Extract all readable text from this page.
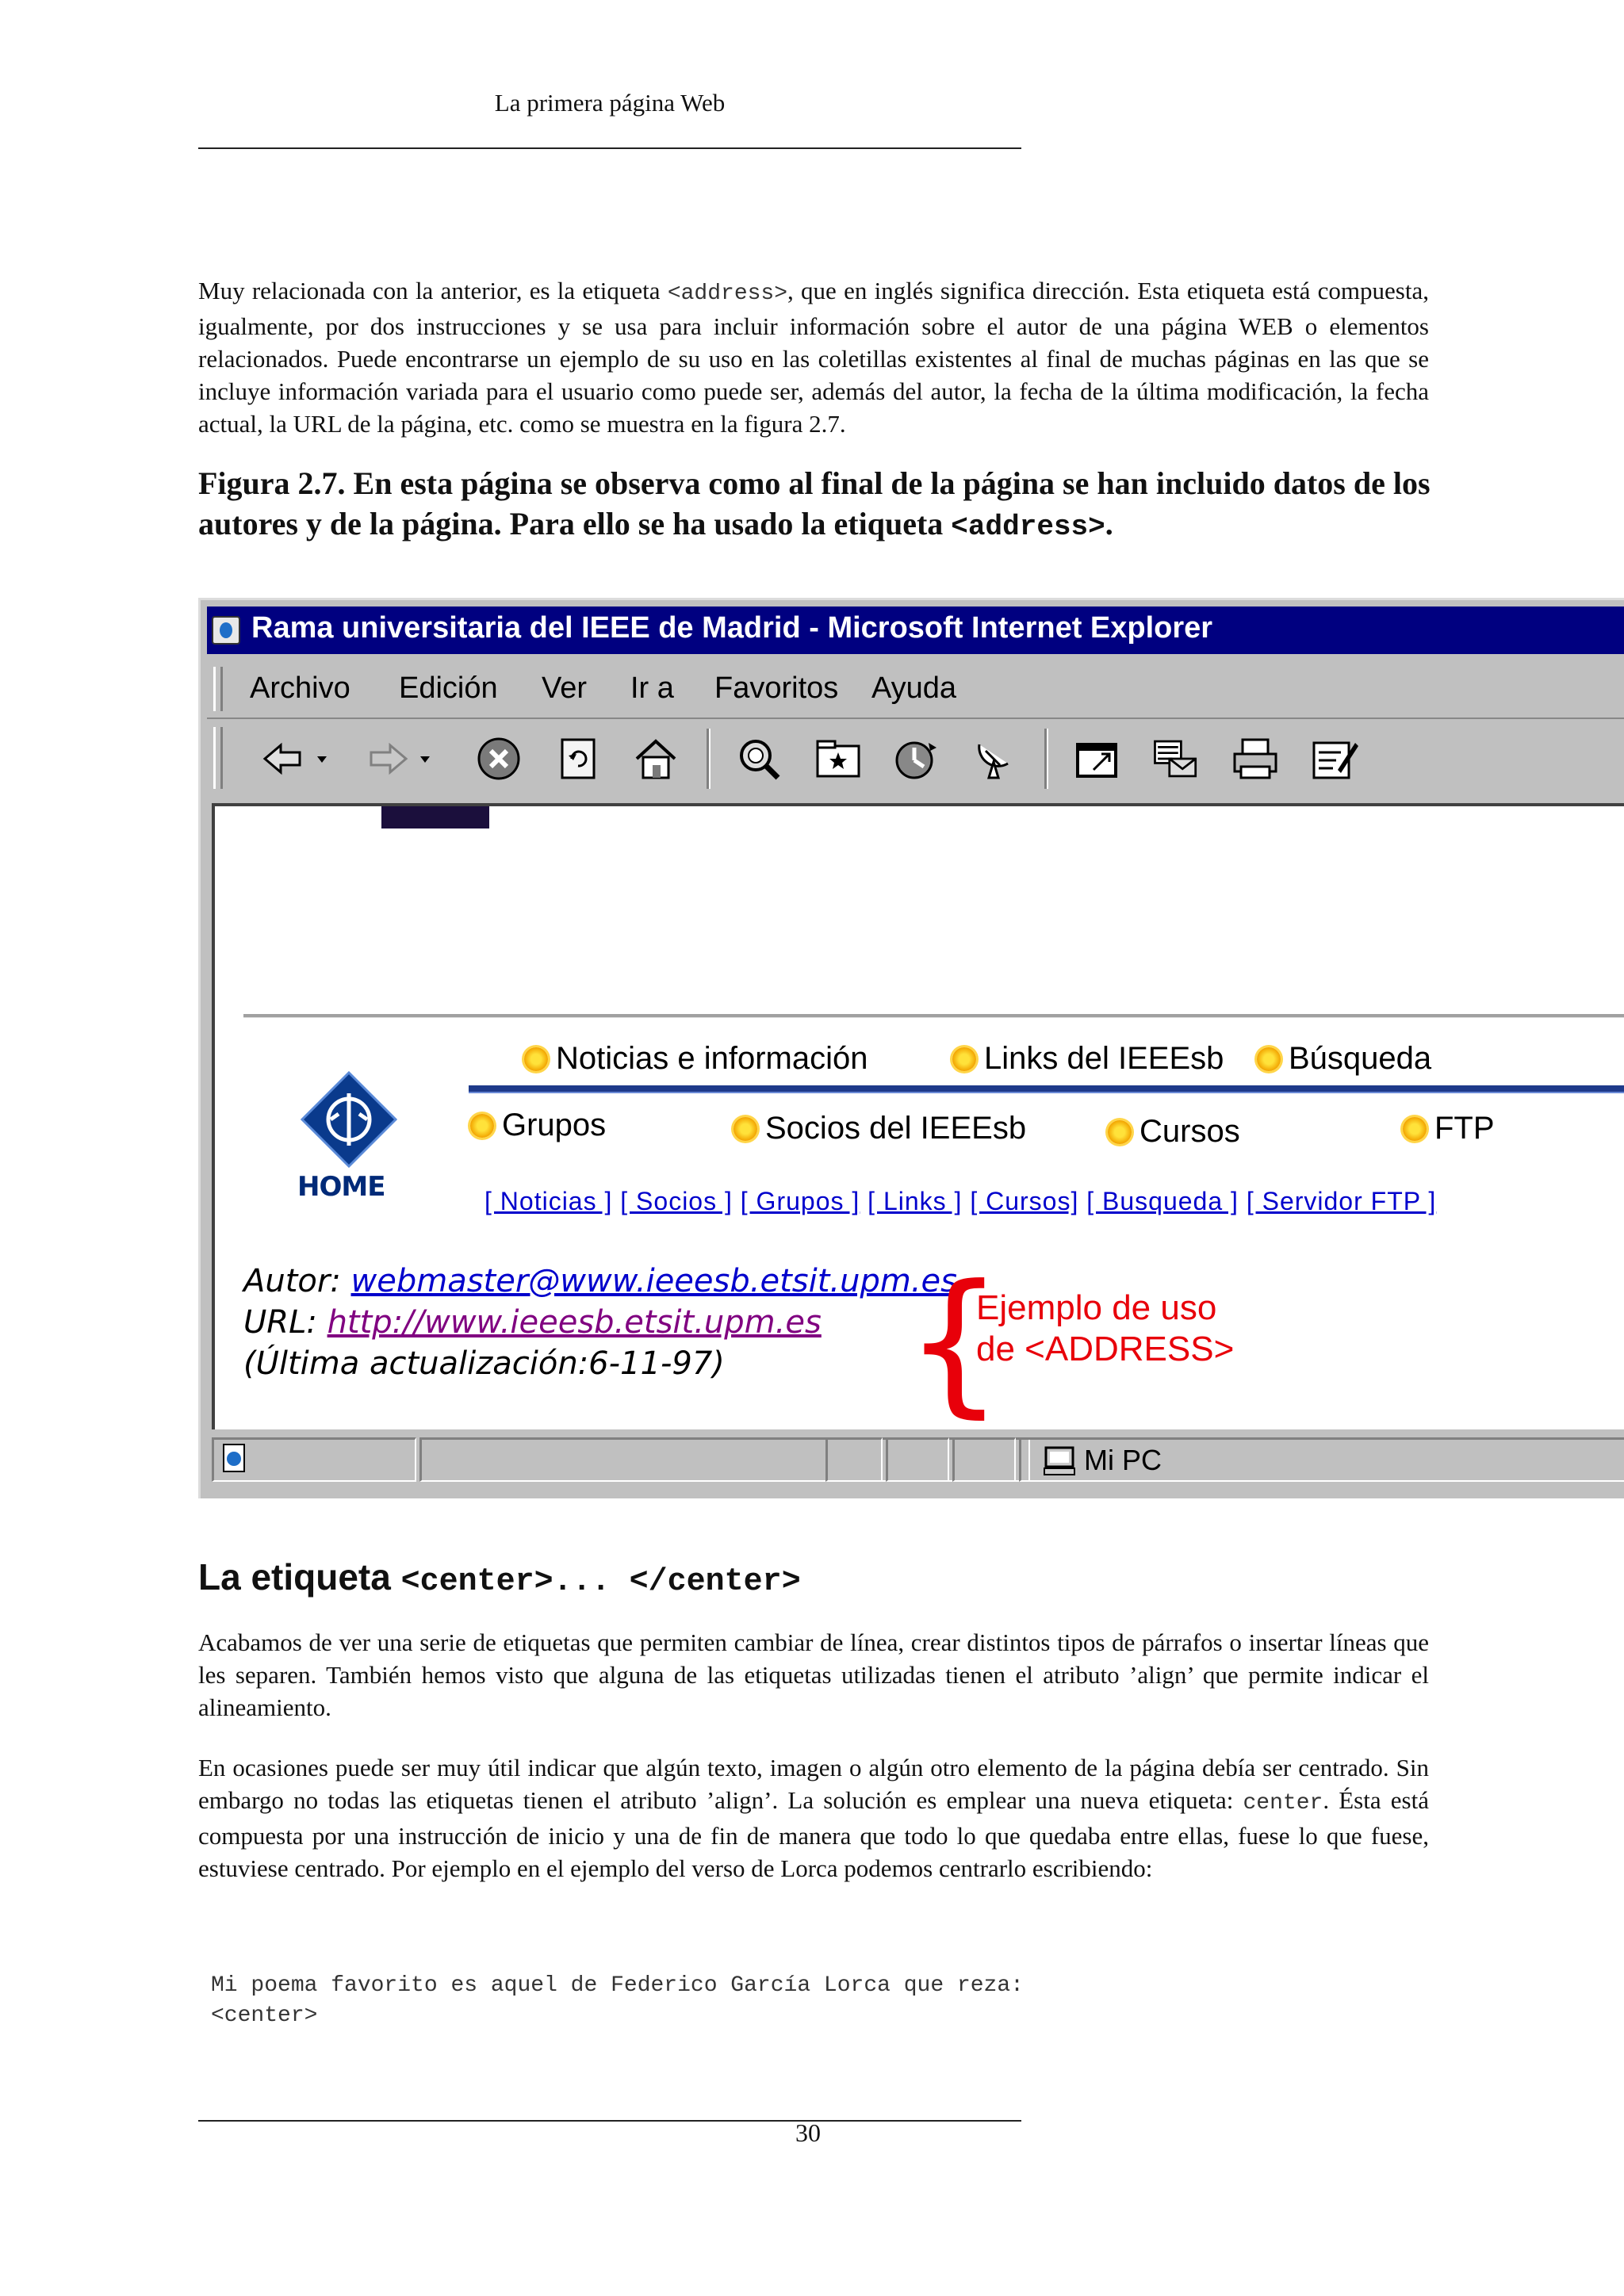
La primera página Web
Muy relacionada con la anterior, es la etiqueta <address>, que en inglés significa dirección. Esta etiqueta está compuesta, igualmente, por dos instrucciones y se usa para incluir información sobre el autor de una página WEB o elementos relacionados. Puede encontrarse un ejemplo de su uso en las coletillas existentes al final de muchas páginas en las que se incluye información variada para el usuario como puede ser, además del autor, la fecha de la última modificación, la fecha actual, la URL de la página, etc. como se muestra en la figura 2.7.
Figura 2.7. En esta página se observa como al final de la página se han incluido datos de los autores y de la página. Para ello se ha usado la etiqueta <address>.
Rama universitaria del IEEE de Madrid - Microsoft Internet Explorer
Archivo Edición Ver Ir a Favoritos Ayuda
HOME
Noticias e información	Links del IEEEsb Búsqueda
Grupos	Socios del IEEEsb	Cursos	FTP
[ Noticias ] [ Socios ] [ Grupos ] [ Links ] [ Cursos] [ Busqueda ] [ Servidor FTP ]
Autor: webmaster@www.ieeesb.etsit.upm.es
URL: http://www.ieeesb.etsit.upm.es
(Última actualización:6-11-97) {
Ejemplo de uso
de <ADDRESS>
Mi PC
La etiqueta <center>... </center>
Acabamos de ver una serie de etiquetas que permiten cambiar de línea, crear distintos tipos de párrafos o insertar líneas que les separen. También hemos visto que alguna de las etiquetas utilizadas tienen el atributo ’align’ que permite indicar el alineamiento.
En ocasiones puede ser muy útil indicar que algún texto, imagen o algún otro elemento de la página debía ser centrado. Sin embargo no todas las etiquetas tienen el atributo ’align’. La solución es emplear una nueva etiqueta: center. Ésta está compuesta por una instrucción de inicio y una de fin de manera que todo lo que quedaba entre ellas, fuese lo que fuese, estuviese centrado. Por ejemplo en el ejemplo del verso de Lorca podemos centrarlo escribiendo:
Mi poema favorito es aquel de Federico García Lorca que reza:
<center>
30
